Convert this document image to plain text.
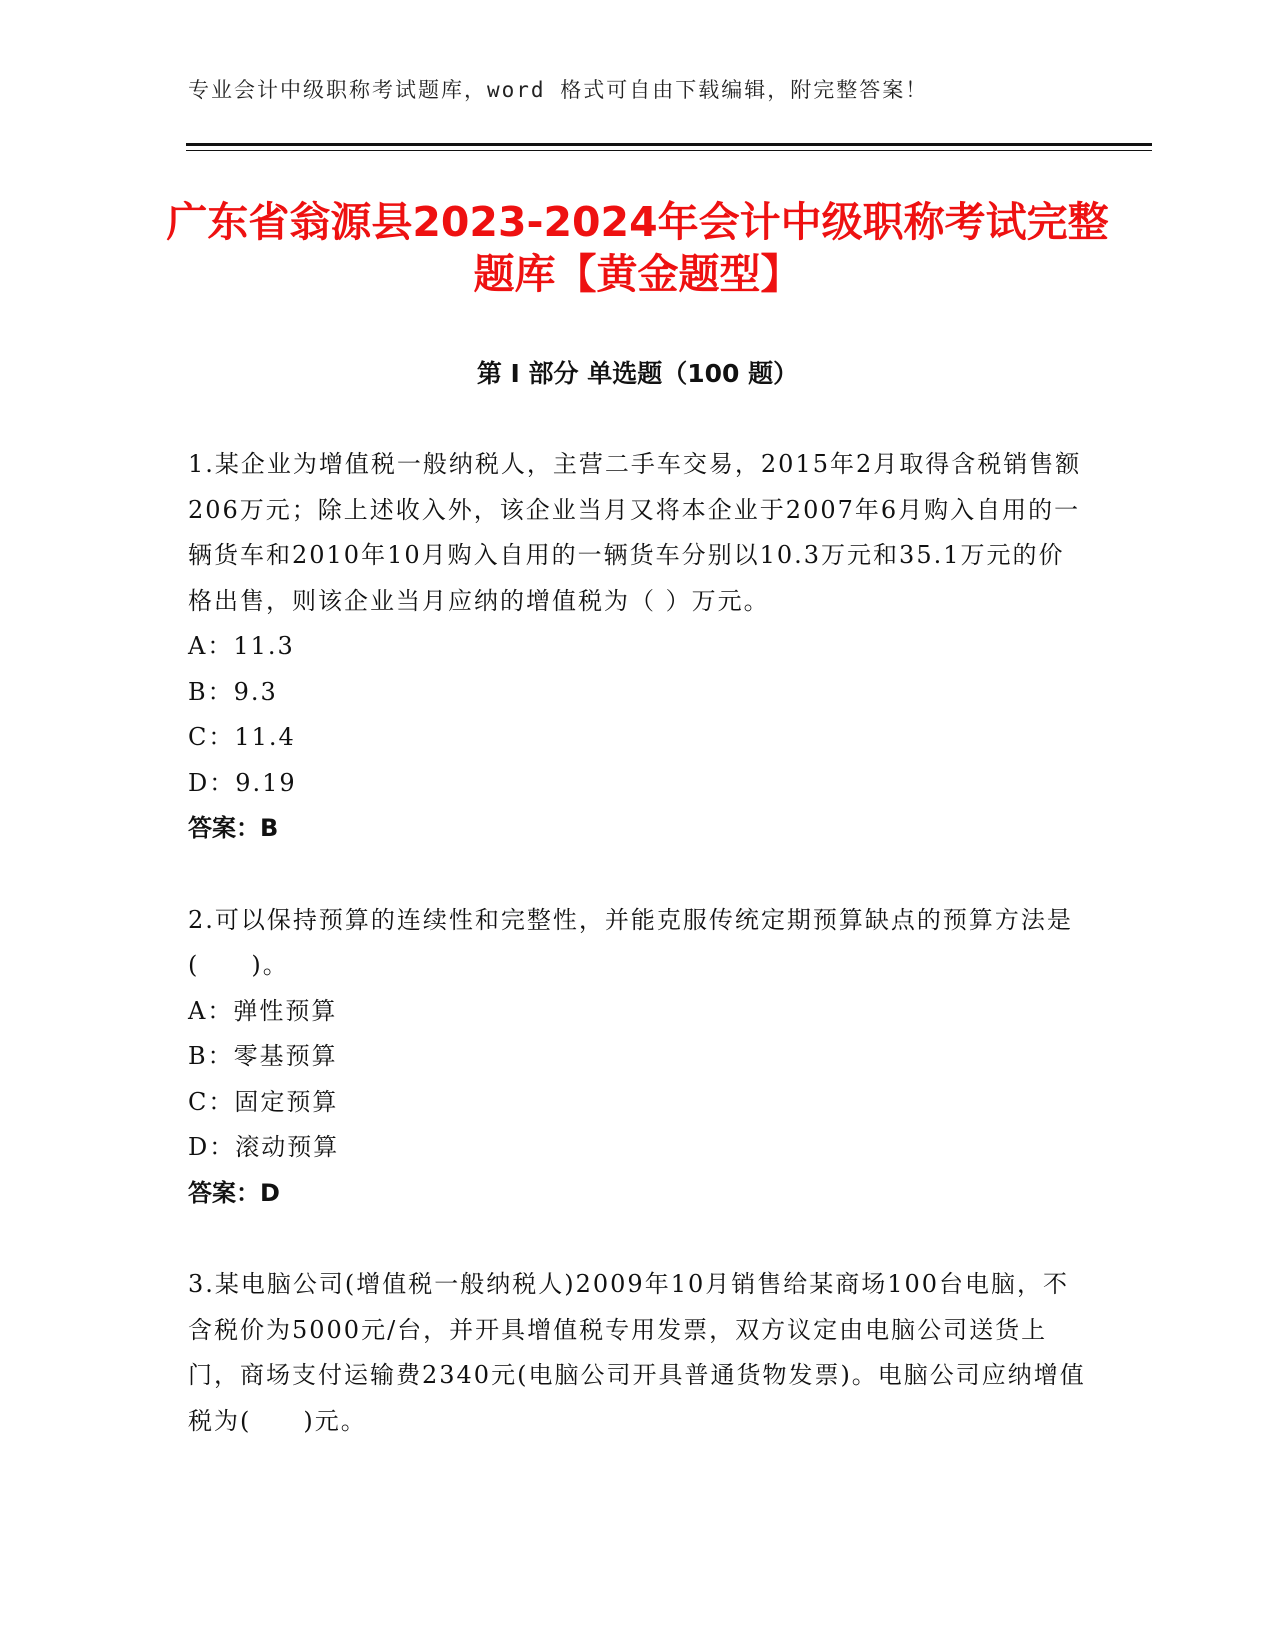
专业会计中级职称考试题库，word 格式可自由下载编辑，附完整答案！
广东省翁源县2023-2024年会计中级职称考试完整题库【黄金题型】
第 I 部分 单选题（100 题）

1.某企业为增值税一般纳税人，主营二手车交易，2015年2月取得含税销售额206万元；除上述收入外，该企业当月又将本企业于2007年6月购入自用的一辆货车和2010年10月购入自用的一辆货车分别以10.3万元和35.1万元的价格出售，则该企业当月应纳的增值税为（ ）万元。

A：11.3

B：9.3

C：11.4

D：9.19

答案：B

2.可以保持预算的连续性和完整性，并能克服传统定期预算缺点的预算方法是(　　)。

A：弹性预算

B：零基预算

C：固定预算

D：滚动预算

答案：D

3.某电脑公司(增值税一般纳税人)2009年10月销售给某商场100台电脑，不含税价为5000元/台，并开具增值税专用发票，双方议定由电脑公司送货上门，商场支付运输费2340元(电脑公司开具普通货物发票)。电脑公司应纳增值税为(　　)元。
